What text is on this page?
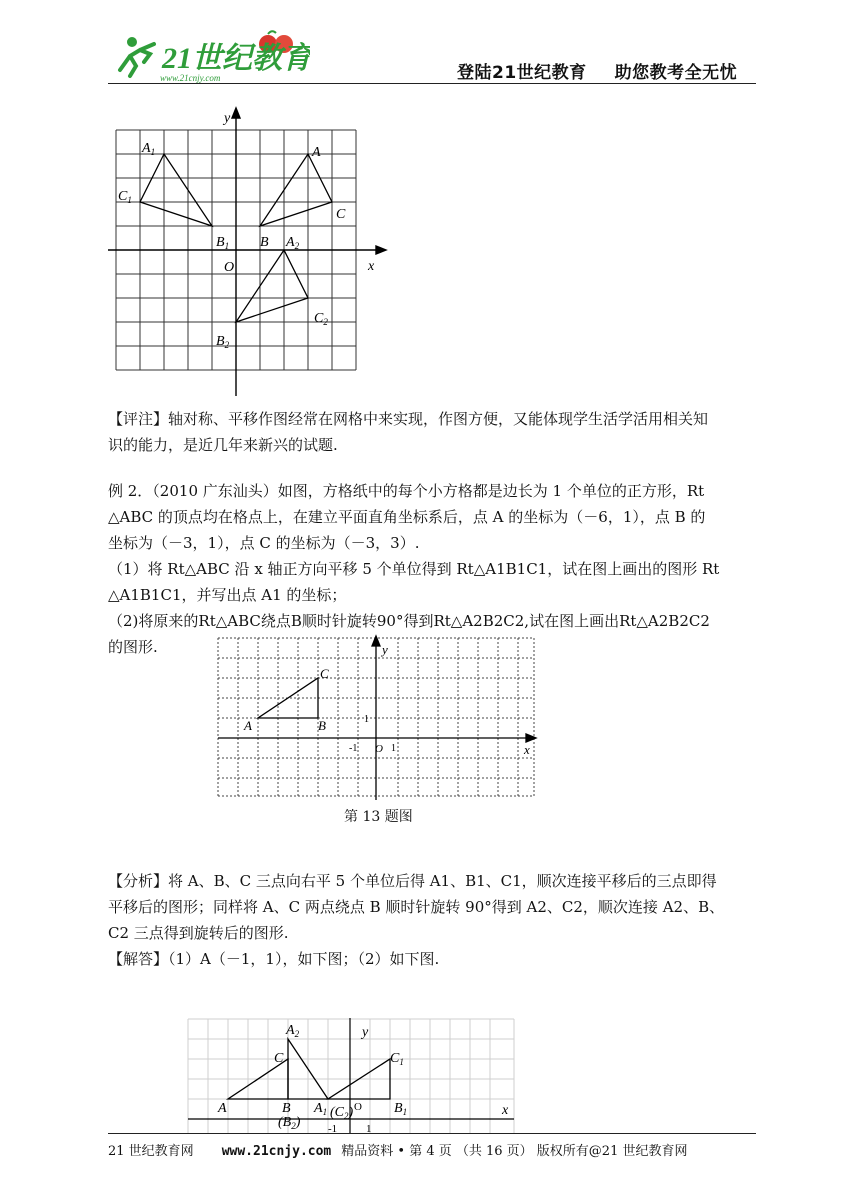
21世纪教育
www.21cnjy.com	登陆21世纪教育 助您教考全无忧
y
x
O
$A_1$
$C_1$
$B_1$
A
C
B $A_2$
$C_2$
$B_2$
【评注】轴对称、平移作图经常在网格中来实现，作图方便，又能体现学生活学活用相关知
识的能力，是近几年来新兴的试题.
例 2．（2010 广东汕头）如图，方格纸中的每个小方格都是边长为 1 个单位的正方形，Rt
△ABC 的顶点均在格点上，在建立平面直角坐标系后，点 A 的坐标为（－6，1），点 B 的
坐标为（－3，1），点 C 的坐标为（－3，3）.
（1）将 Rt△ABC 沿 x 轴正方向平移 5 个单位得到 Rt△A1B1C1，试在图上画出的图形 Rt
△A1B1C1，并写出点 A1 的坐标；
（2)将原来的Rt△ABC绕点B顺时针旋转90°得到Rt△A2B2C2,试在图上画出Rt△A2B2C2
的图形.	y
x
O
A	B
C
-1	1
1
第 13 题图
【分析】将 A、B、C 三点向右平 5 个单位后得 A1、B1、C1，顺次连接平移后的三点即得
平移后的图形；同样将 A、C 两点绕点 B 顺时针旋转 90°得到 A2、C2，顺次连接 A2、B、
C2 三点得到旋转后的图形.
【解答】（1）A（－1，1），如下图；（2）如下图.
y
x
A	B
C
$A_2$
$(B_2)$
$A_1$ $(C_2)$
$C_1$
$B_1$
-1
O
1
21 世纪教育网 www.21cnjy.com 精品资料 • 第 4 页 （共 16 页） 版权所有@21 世纪教育网
